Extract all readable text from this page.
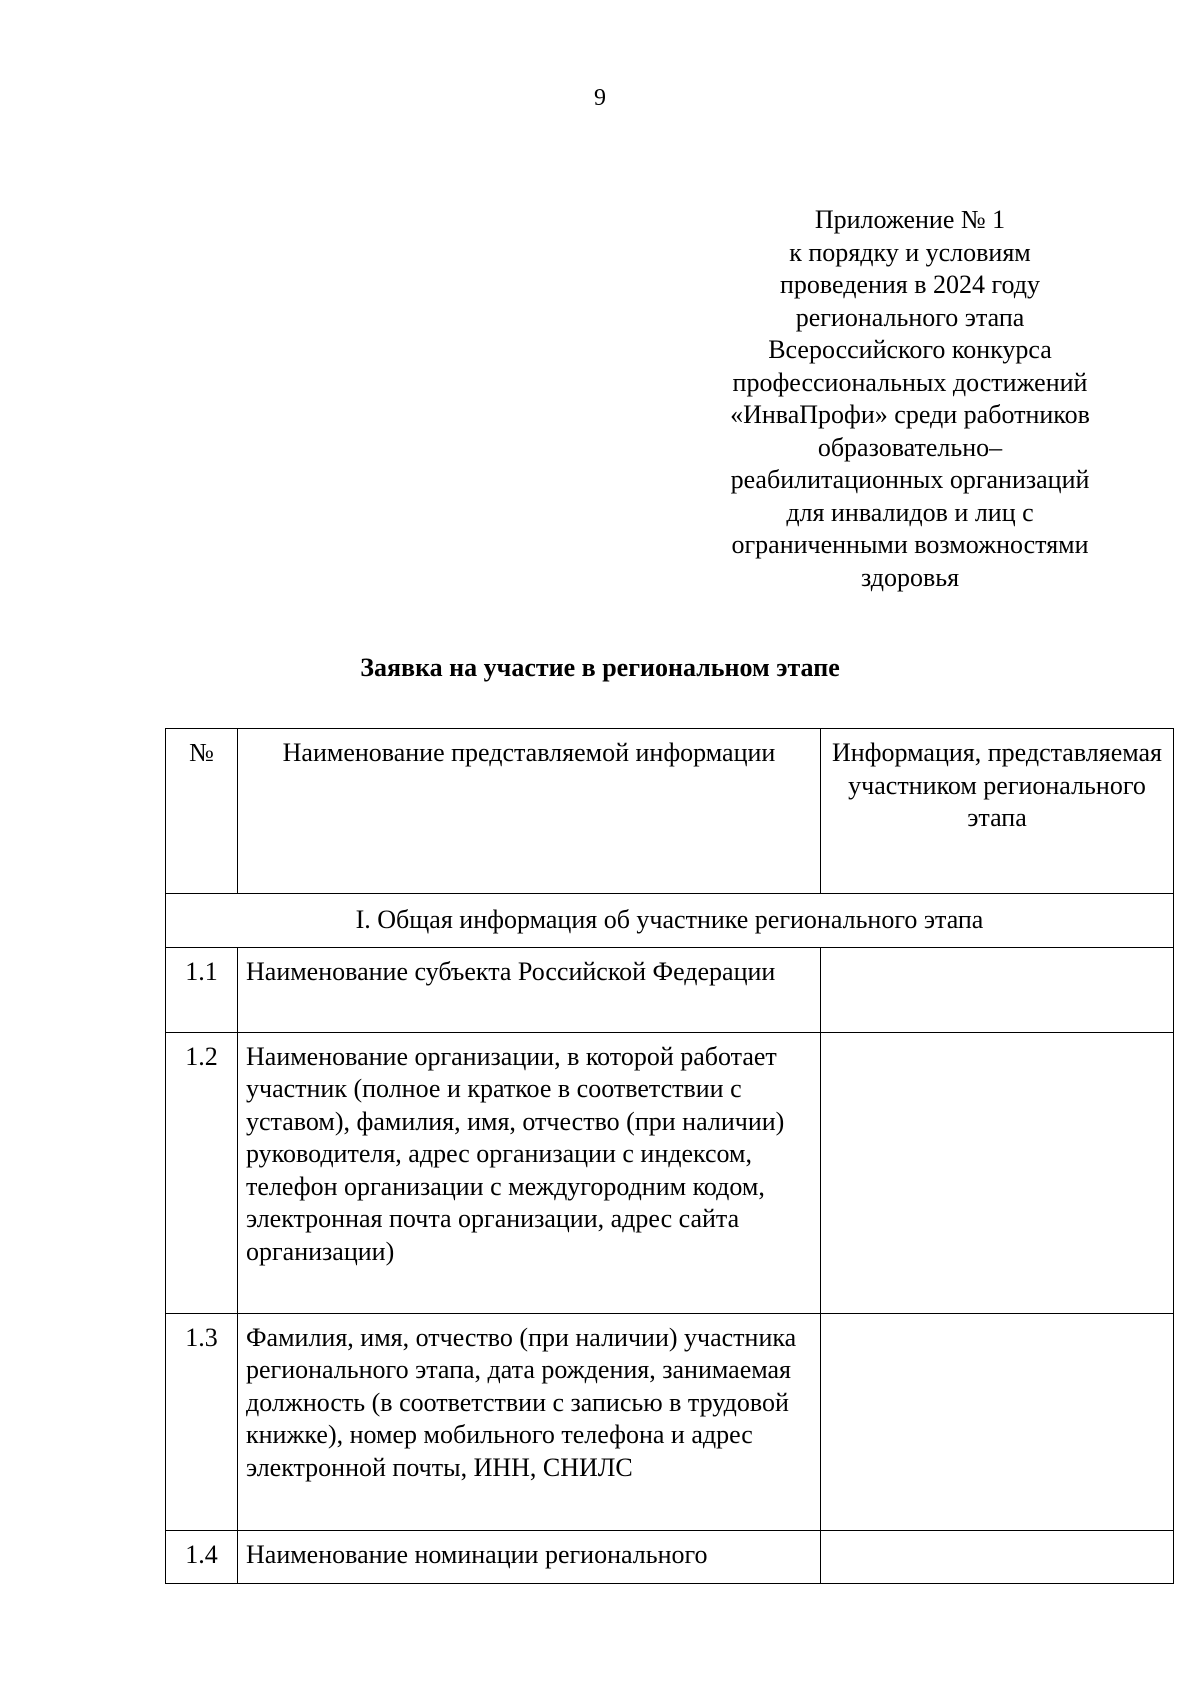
9
Приложение № 1
к порядку и условиям
проведения в 2024 году
регионального этапа
Всероссийского конкурса
профессиональных достижений
«ИнваПрофи» среди работников
образовательно–
реабилитационных организаций
для инвалидов и лиц с
ограниченными возможностями
здоровья
Заявка на участие в региональном этапе
№	Наименование представляемой информации	Информация, представляемая участником регионального этапа
I. Общая информация об участнике регионального этапа		
1.1	Наименование субъекта Российской Федерации	
1.2	Наименование организации, в которой работает участник (полное и краткое в соответствии с уставом), фамилия, имя, отчество (при наличии) руководителя, адрес организации с индексом, телефон организации с междугородним кодом, электронная почта организации, адрес сайта организации)	
1.3	Фамилия, имя, отчество (при наличии) участника регионального этапа, дата рождения, занимаемая должность (в соответствии с записью в трудовой книжке), номер мобильного телефона и адрес электронной почты, ИНН, СНИЛС	
1.4	Наименование номинации регионального	
